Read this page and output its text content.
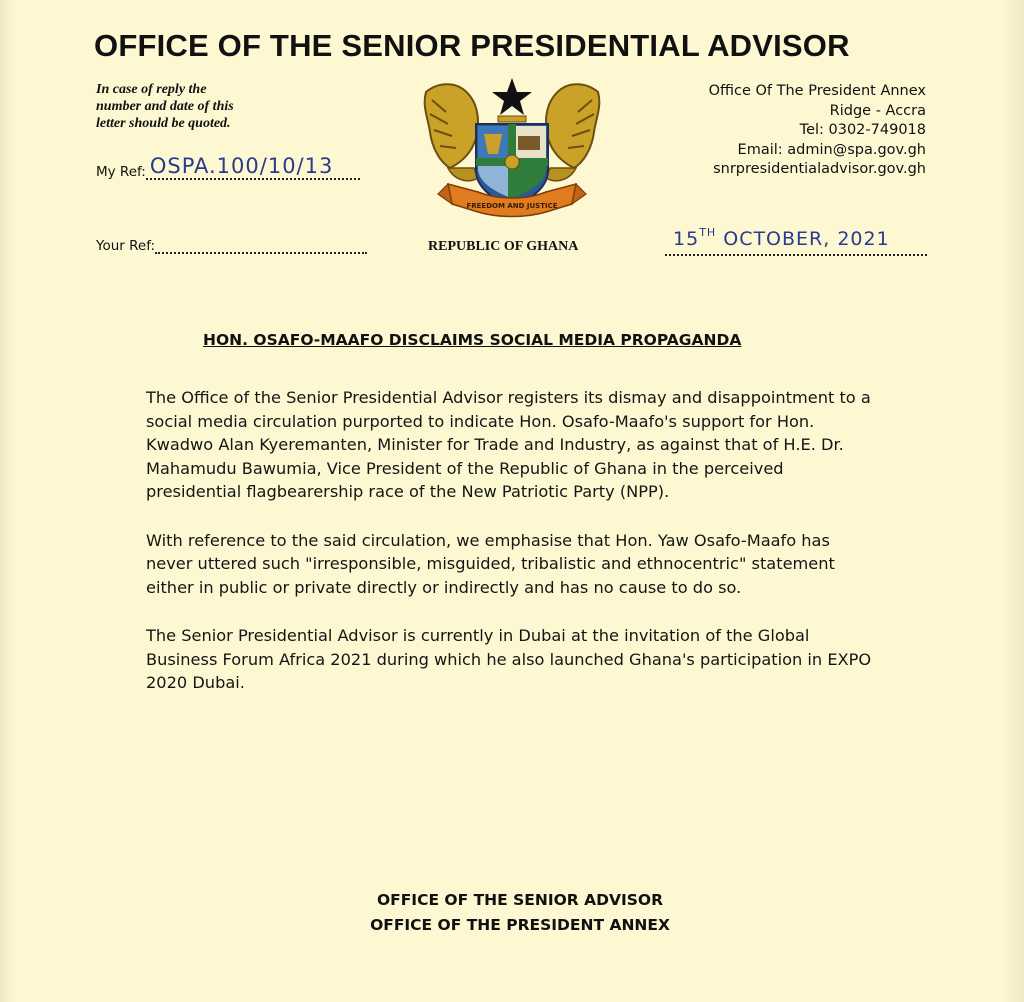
OFFICE OF THE SENIOR PRESIDENTIAL ADVISOR
In case of reply the
number and date of this
letter should be quoted.
Office Of The President Annex
Ridge - Accra
Tel: 0302-749018
Email: admin@spa.gov.gh
snrpresidentialadvisor.gov.gh
FREEDOM AND JUSTICE
My Ref: OSPA.100/10/13
Your Ref:	REPUBLIC OF GHANA	15TH OCTOBER, 2021
HON. OSAFO-MAAFO DISCLAIMS SOCIAL MEDIA PROPAGANDA

The Office of the Senior Presidential Advisor registers its dismay and disappointment to a social media circulation purported to indicate Hon. Osafo-Maafo's support for Hon. Kwadwo Alan Kyeremanten, Minister for Trade and Industry, as against that of H.E. Dr. Mahamudu Bawumia, Vice President of the Republic of Ghana in the perceived presidential flagbearership race of the New Patriotic Party (NPP).

With reference to the said circulation, we emphasise that Hon. Yaw Osafo-Maafo has never uttered such "irresponsible, misguided, tribalistic and ethnocentric" statement either in public or private directly or indirectly and has no cause to do so.

The Senior Presidential Advisor is currently in Dubai at the invitation of the Global Business Forum Africa 2021 during which he also launched Ghana's participation in EXPO 2020 Dubai.

OFFICE OF THE SENIOR ADVISOR
OFFICE OF THE PRESIDENT ANNEX
